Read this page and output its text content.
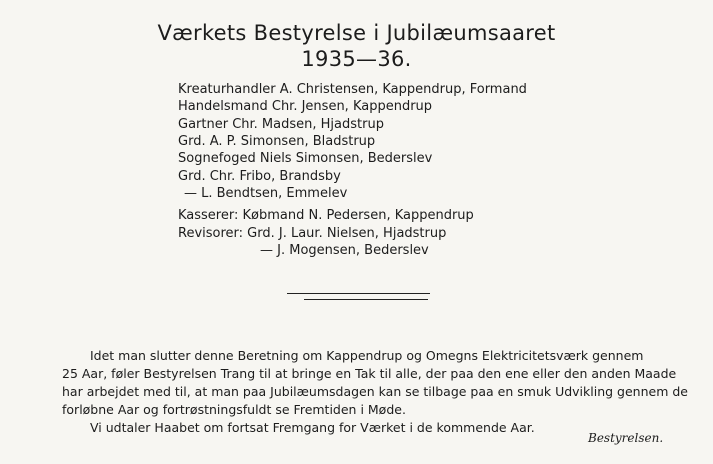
Værkets Bestyrelse i Jubilæumsaaret
1935—36.
Kreaturhandler A. Christensen, Kappendrup, Formand
Handelsmand Chr. Jensen, Kappendrup
Gartner Chr. Madsen, Hjadstrup
Grd. A. P. Simonsen, Bladstrup
Sognefoged Niels Simonsen, Bederslev
Grd. Chr. Fribo, Brandsby
— L. Bendtsen, Emmelev
Kasserer: Købmand N. Pedersen, Kappendrup
Revisorer: Grd. J. Laur. Nielsen, Hjadstrup
— J. Mogensen, Bederslev
Idet man slutter denne Beretning om Kappendrup og Omegns Elektricitetsværk gennem
25 Aar, føler Bestyrelsen Trang til at bringe en Tak til alle, der paa den ene eller den anden Maade
har arbejdet med til, at man paa Jubilæumsdagen kan se tilbage paa en smuk Udvikling gennem de
forløbne Aar og fortrøstningsfuldt se Fremtiden i Møde.
Vi udtaler Haabet om fortsat Fremgang for Værket i de kommende Aar.
Bestyrelsen.
